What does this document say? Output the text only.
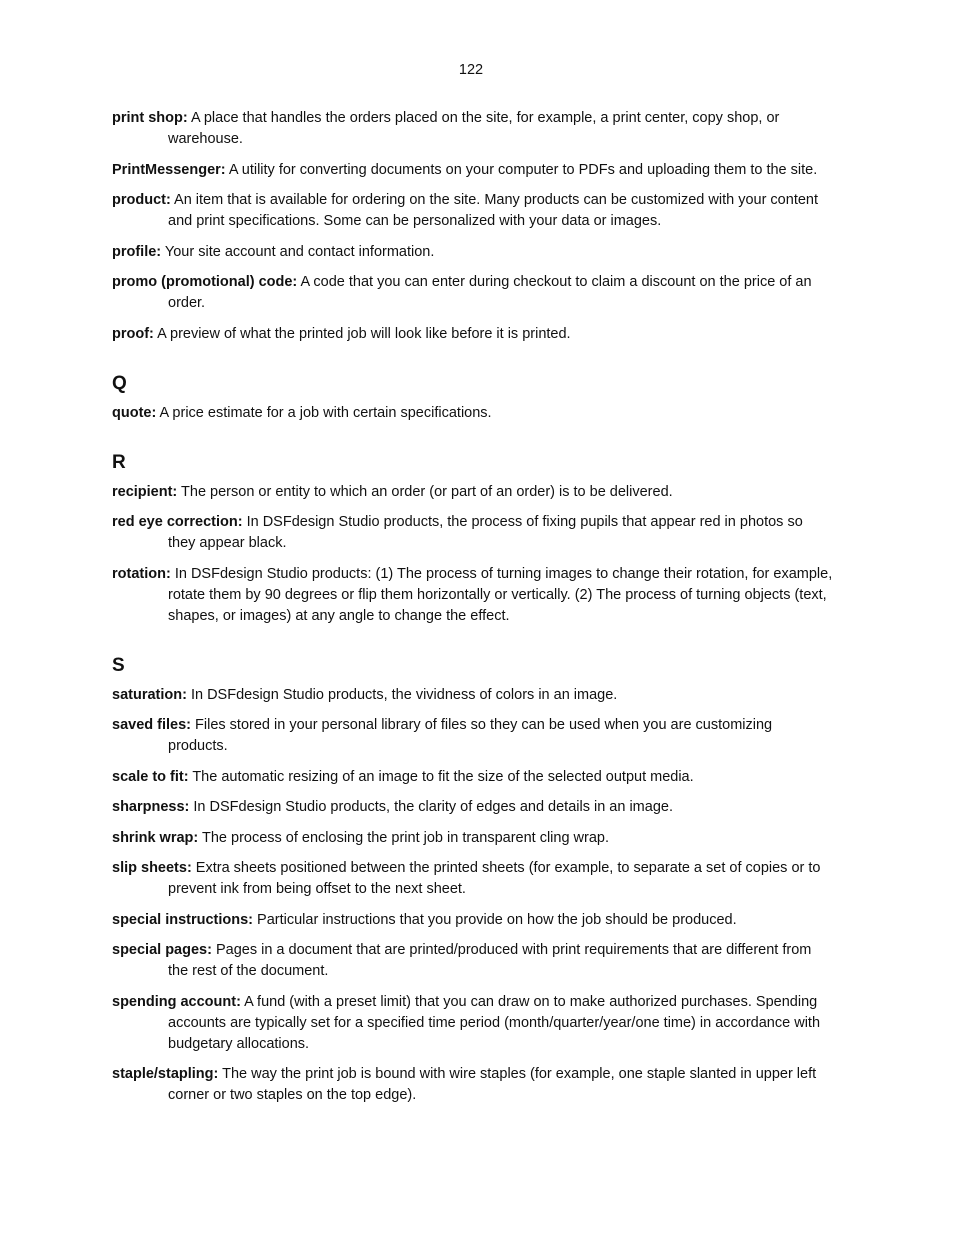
122

print shop: A place that handles the orders placed on the site, for example, a print center, copy shop, or warehouse.

PrintMessenger: A utility for converting documents on your computer to PDFs and uploading them to the site.

product: An item that is available for ordering on the site. Many products can be customized with your content and print specifications. Some can be personalized with your data or images.

profile: Your site account and contact information.

promo (promotional) code: A code that you can enter during checkout to claim a discount on the price of an order.

proof: A preview of what the printed job will look like before it is printed.

Q

quote: A price estimate for a job with certain specifications.

R

recipient: The person or entity to which an order (or part of an order) is to be delivered.

red eye correction: In DSFdesign Studio products, the process of fixing pupils that appear red in photos so they appear black.

rotation: In DSFdesign Studio products: (1) The process of turning images to change their rotation, for example, rotate them by 90 degrees or flip them horizontally or vertically. (2) The process of turning objects (text, shapes, or images) at any angle to change the effect.

S

saturation: In DSFdesign Studio products, the vividness of colors in an image.

saved files: Files stored in your personal library of files so they can be used when you are customizing products.

scale to fit: The automatic resizing of an image to fit the size of the selected output media.

sharpness: In DSFdesign Studio products, the clarity of edges and details in an image.

shrink wrap: The process of enclosing the print job in transparent cling wrap.

slip sheets: Extra sheets positioned between the printed sheets (for example, to separate a set of copies or to prevent ink from being offset to the next sheet.

special instructions: Particular instructions that you provide on how the job should be produced.

special pages: Pages in a document that are printed/produced with print requirements that are different from the rest of the document.

spending account: A fund (with a preset limit) that you can draw on to make authorized purchases. Spending accounts are typically set for a specified time period (month/quarter/year/one time) in accordance with budgetary allocations.

staple/stapling: The way the print job is bound with wire staples (for example, one staple slanted in upper left corner or two staples on the top edge).
